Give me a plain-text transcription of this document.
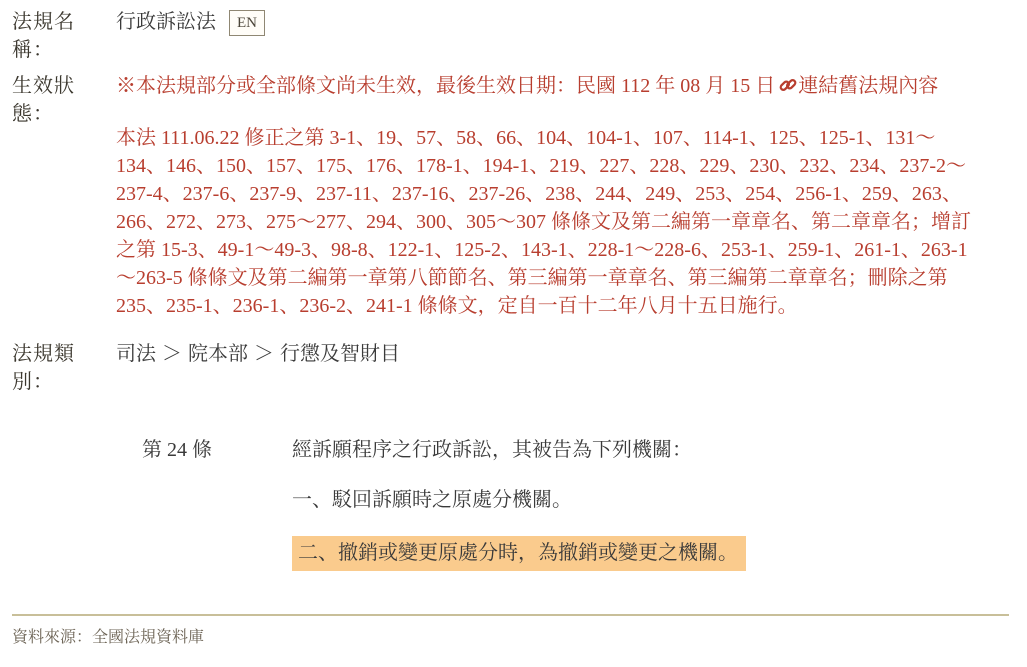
法規名稱：
行政訴訟法 EN
生效狀態：

※本法規部分或全部條文尚未生效，最後生效日期：民國 112 年 08 月 15 日 連結舊法規內容

本法 111.06.22 修正之第 3-1、19、57、58、66、104、104-1、107、114-1、125、125-1、131～134、146、150、157、175、176、178-1、194-1、219、227、228、229、230、232、234、237-2～237-4、237-6、237-9、237-11、237-16、237-26、238、244、249、253、254、256-1、259、263、266、272、273、275～277、294、300、305～307 條條文及第二編第一章章名、第二章章名；增訂之第 15-3、49-1～49-3、98-8、122-1、125-2、143-1、228-1～228-6、253-1、259-1、261-1、263-1～263-5 條條文及第二編第一章第八節節名、第三編第一章章名、第三編第二章章名；刪除之第 235、235-1、236-1、236-2、241-1 條條文，定自一百十二年八月十五日施行。

法規類別：
司法 ＞ 院本部 ＞ 行懲及智財目
第 24 條	經訴願程序之行政訴訟，其被告為下列機關：

一、駁回訴願時之原處分機關。

二、撤銷或變更原處分時，為撤銷或變更之機關。

資料來源：全國法規資料庫
